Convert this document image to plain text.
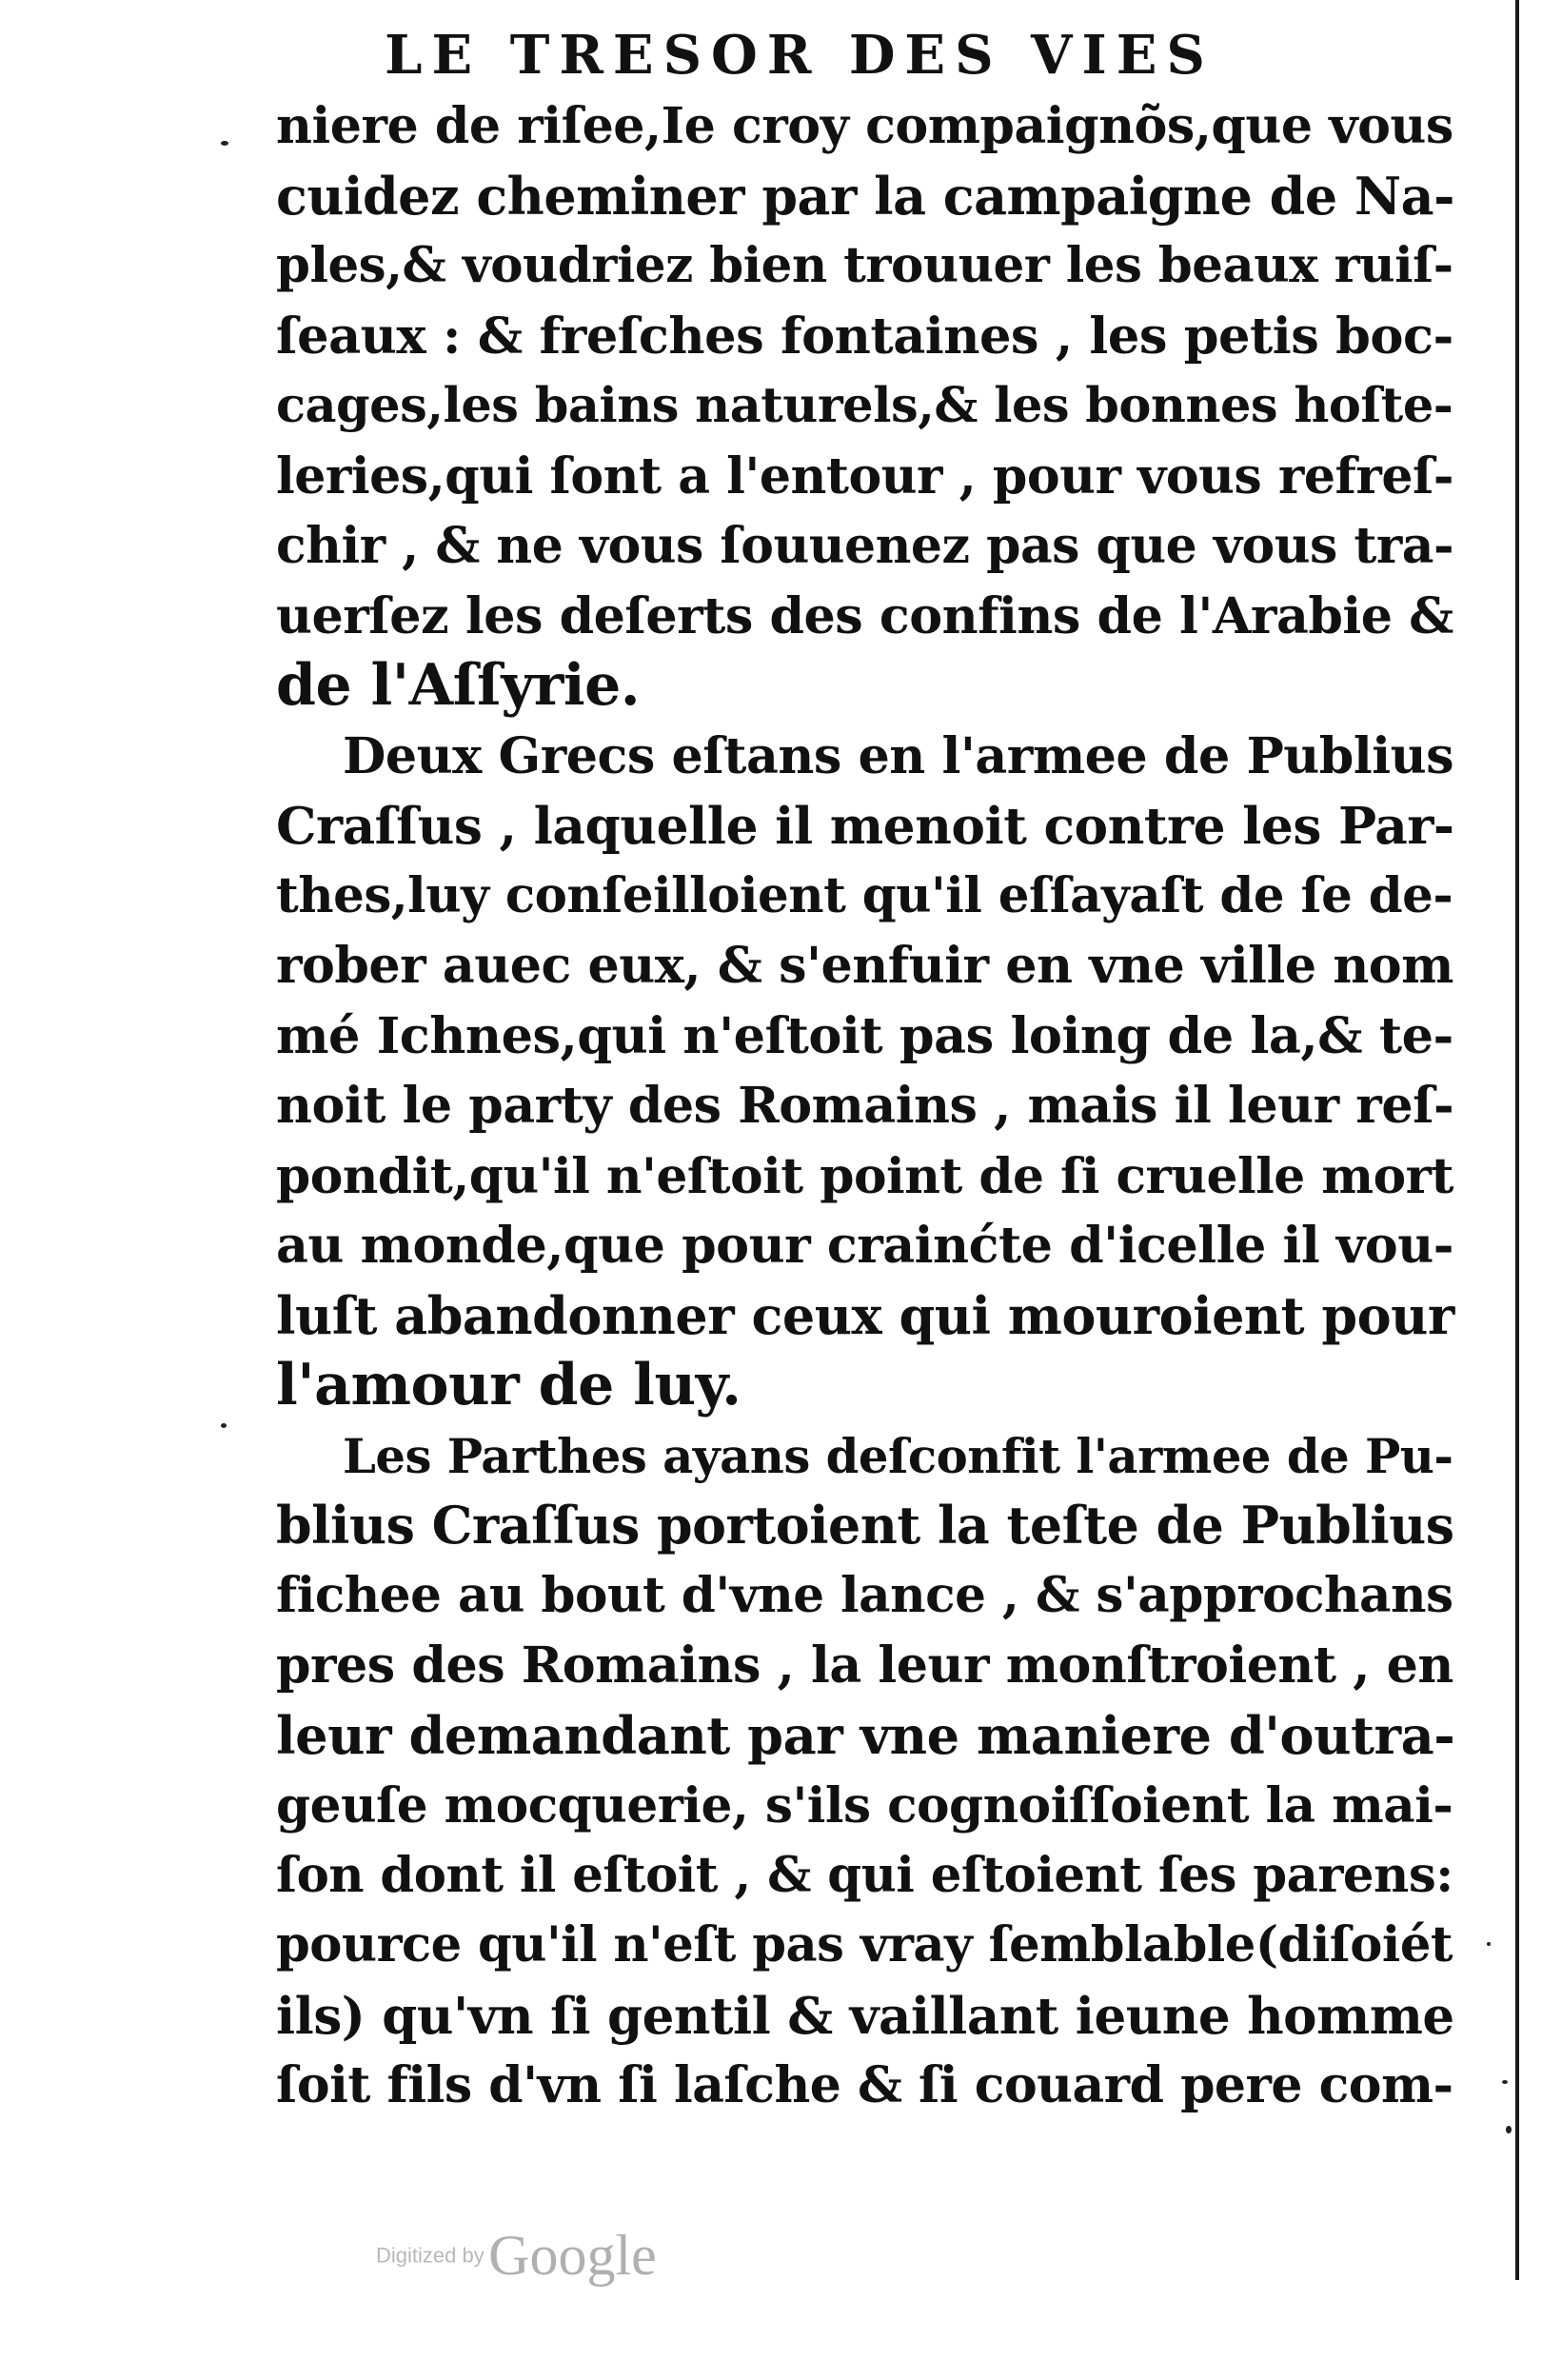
LE TRESOR DES VIES
niere de riſee,Ie croy compaignõs,que vous
cuidez cheminer par la campaigne de Na-
ples,& voudriez bien trouuer les beaux ruiſ-
ſeaux : & freſches fontaines , les petis boc-
cages,les bains naturels,& les bonnes hoſte-
leries,qui ſont a l'entour , pour vous refreſ-
chir , & ne vous ſouuenez pas que vous tra-
uerſez les deſerts des confins de l'Arabie &
de l'Aſſyrie.
Deux Grecs eſtans en l'armee de Publius
Craſſus , laquelle il menoit contre les Par-
thes,luy conſeilloient qu'il eſſayaſt de ſe de-
rober auec eux, & s'enfuir en vne ville nom
mé Ichnes,qui n'eſtoit pas loing de la,& te-
noit le party des Romains , mais il leur reſ-
pondit,qu'il n'eſtoit point de ſi cruelle mort
au monde,que pour crainćte d'icelle il vou-
luſt abandonner ceux qui mouroient pour
l'amour de luy.
Les Parthes ayans deſconfit l'armee de Pu-
blius Craſſus portoient la teſte de Publius
fichee au bout d'vne lance , & s'approchans
pres des Romains , la leur monſtroient , en
leur demandant par vne maniere d'outra-
geuſe mocquerie, s'ils cognoiſſoient la mai-
ſon dont il eſtoit , & qui eſtoient ſes parens:
pource qu'il n'eſt pas vray ſemblable(diſoiét
ils) qu'vn ſi gentil & vaillant ieune homme
ſoit fils d'vn ſi laſche & ſi couard pere com-
Digitized by Google
